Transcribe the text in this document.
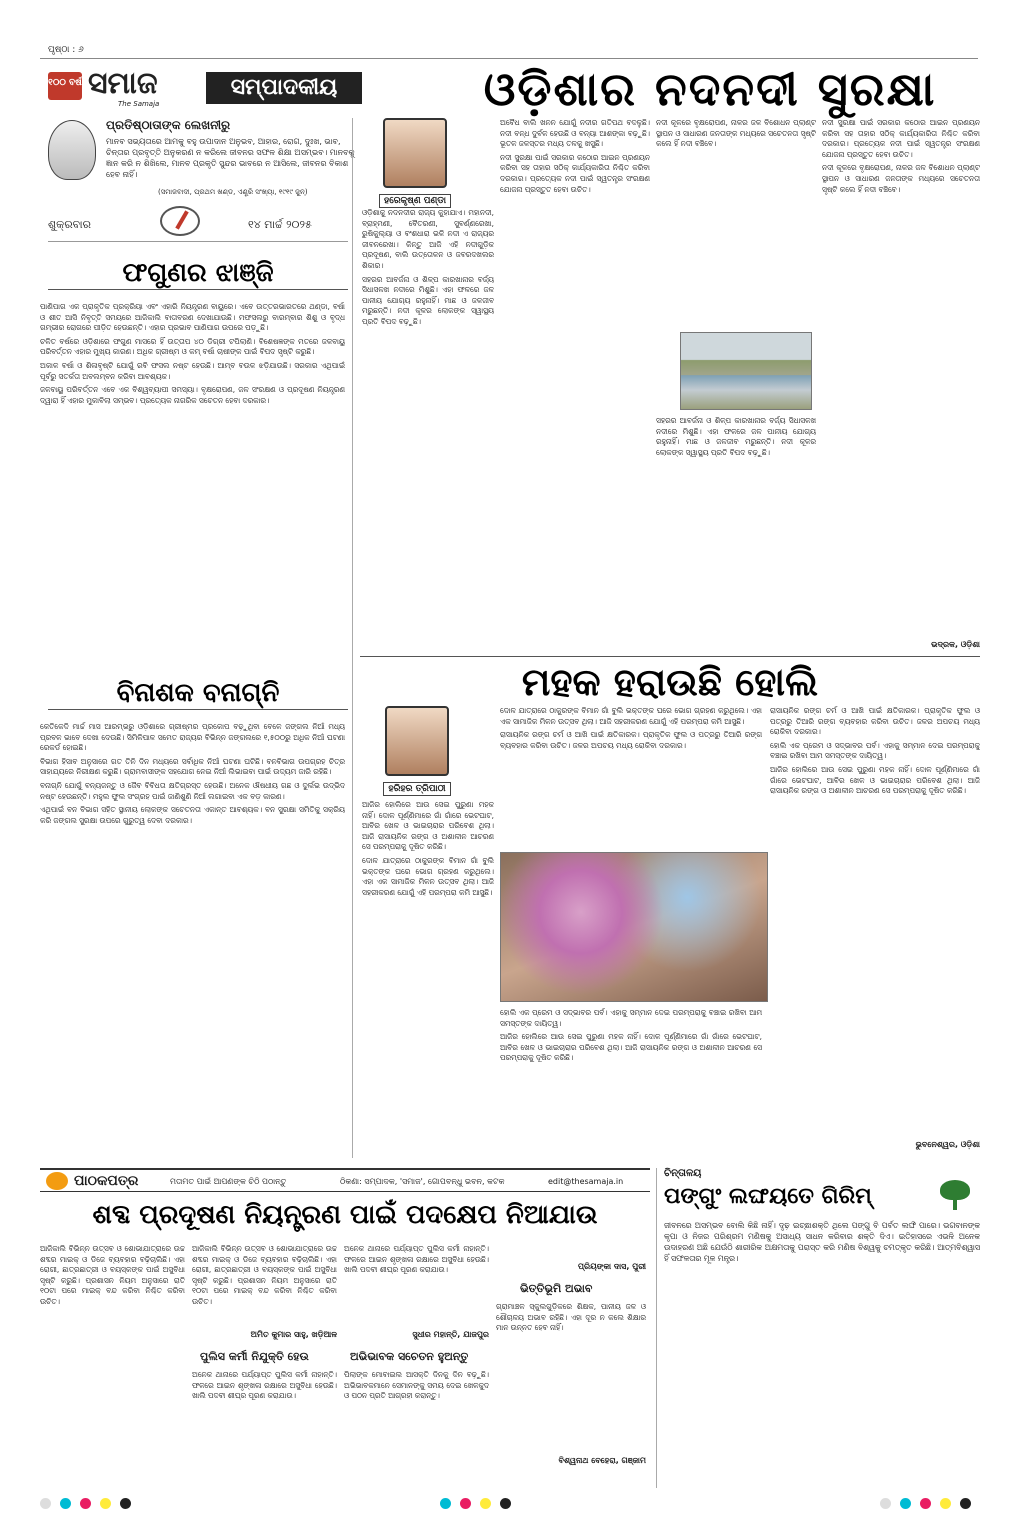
ପୃଷ୍ଠା : ୬
୧୦୦ ବର୍ଷ ସମାଜ
The Samaja
ସମ୍ପାଦକୀୟ	ଓଡ଼ିଶାର ନଦନଦୀ ସୁରକ୍ଷା
ପ୍ରତିଷ୍ଠାତାଙ୍କ ଲେଖନୀରୁ
ମାନବ ସଭ୍ୟତାରେ ଆମକୁ ବହୁ ଉପାଦାନ ଅନୁଭବ, ଆହାର, ରୋଗ, ଦୁଃଖ, ଭାବ, ଚିନ୍ତାର ପ୍ରବୃତ୍ତି ଅନୁକରଣ ନ କରିଲେ ଜୀବନର ସଫଳ ଶିକ୍ଷା ଅସମ୍ଭବ। ମାନବକୁ ଜ୍ଞାନ କରି ନ ଶିଖିଲେ, ମାନବ ପ୍ରକୃତି ସୁନ୍ଦର ଭାବରେ ନ ଆସିଲେ, ଜୀବନର ବିକାଶ ହେବ ନାହିଁ।
(ସମାଜବାଦୀ, ପ୍ରଥମ ଖଣ୍ଡ, ଏଣ୍ଟ୍ରି ସଂଖ୍ୟା, ୧୯୧୯ ଜୁନ୍)
ଶୁକ୍ରବାର	୧୪ ମାର୍ଚ୍ଚ ୨୦୨୫
ଫଗୁଣର ଝାଞ୍ଜି

ପାଣିପାଗ ଏକ ପ୍ରାକୃତିକ ପ୍ରକ୍ରିୟା ଏବଂ ଏହାରି ନିୟନ୍ତ୍ରଣ ବାୟୁରେ। ଏବେ ଉତ୍ତରଭାରତରେ ଥଣ୍ଡା, ବର୍ଷା ଓ ଶୀତ ଆସି ନିବୃତ୍ତି ସମୟରେ ଆଜିକାଲି ବାତାବରଣ ଦେଖାଯାଉଛି। ମଫସଲରୁ ବାରମ୍ବାର ଶିଶୁ ଓ ବୃଦ୍ଧ ଗମ୍ଭୀର ରୋଗରେ ପୀଡ଼ିତ ହେଉଛନ୍ତି। ଏହାର ପ୍ରଭାବ ପାଣିପାଗ ଉପରେ ପଡ଼ୁଛି।

ଚଳିତ ବର୍ଷରେ ଓଡ଼ିଶାରେ ଫଗୁଣ ମାସରେ ହିଁ ଉତ୍ତାପ ୪୦ ଡିଗ୍ରୀ ଟପିଲାଣି। ବିଶେଷଜ୍ଞଙ୍କ ମତରେ ଜଳବାୟୁ ପରିବର୍ତ୍ତନ ଏହାର ମୁଖ୍ୟ କାରଣ। ଅଧିକ ଗ୍ରୀଷ୍ମ ଓ କମ୍ ବର୍ଷା ଚାଷୀଙ୍କ ପାଇଁ ବିପଦ ସୃଷ୍ଟି କରୁଛି।

ଅକାଳ ବର୍ଷା ଓ ଶିଳାବୃଷ୍ଟି ଯୋଗୁଁ ରବି ଫସଲ ନଷ୍ଟ ହେଉଛି। ଆମ୍ବ ବଉଳ ଝଡ଼ିଯାଉଛି। ସରକାର ଏଥିପାଇଁ ପୂର୍ବରୁ ସତର୍କତା ଅବଲମ୍ବନ କରିବା ଆବଶ୍ୟକ।

ଜଳବାୟୁ ପରିବର୍ତ୍ତନ ଏବେ ଏକ ବିଶ୍ୱବ୍ୟାପୀ ସମସ୍ୟା। ବୃକ୍ଷରୋପଣ, ଜଳ ସଂରକ୍ଷଣ ଓ ପ୍ରଦୂଷଣ ନିୟନ୍ତ୍ରଣ ଦ୍ୱାରା ହିଁ ଏହାର ମୁକାବିଲା ସମ୍ଭବ। ପ୍ରତ୍ୟେକ ନାଗରିକ ସଚେତନ ହେବା ଦରକାର।

ବିନାଶକ ବନାଗ୍ନି

କେତିକେଦି ମାର୍ଚ୍ଚ ମାସ ଆରମ୍ଭରୁ ଓଡ଼ିଶାରେ ଗ୍ରୀଷ୍ମର ପ୍ରକୋପ ବଢ଼ୁଥିବା ବେଳେ ଜଙ୍ଗଲ ନିଆଁ ମଧ୍ୟ ପ୍ରବଳ ଭାବେ ଦେଖା ଦେଉଛି। ସିମିଳିପାଳ ସମେତ ରାଜ୍ୟର ବିଭିନ୍ନ ଜଙ୍ଗଲରେ ୧,୫୦୦ରୁ ଅଧିକ ନିଆଁ ଘଟଣା ରେକର୍ଡ ହୋଇଛି।

ବିଭାଗ ହିସାବ ଅନୁସାରେ ଗତ ତିନି ଦିନ ମଧ୍ୟରେ ସର୍ବାଧିକ ନିଆଁ ଘଟଣା ଘଟିଛି। ବନବିଭାଗ ଉପଗ୍ରହ ଚିତ୍ର ସାହାଯ୍ୟରେ ନିରୀକ୍ଷଣ କରୁଛି। ଗ୍ରାମବାସୀଙ୍କ ସହଯୋଗ ନେଇ ନିଆଁ ଲିଭାଇବା ପାଇଁ ଉଦ୍ୟମ ଜାରି ରହିଛି।

ବନାଗ୍ନି ଯୋଗୁଁ ବନ୍ୟଜନ୍ତୁ ଓ ଜୈବ ବିବିଧତା କ୍ଷତିଗ୍ରସ୍ତ ହେଉଛି। ଅନେକ ଔଷଧୀୟ ଗଛ ଓ ଦୁର୍ଲଭ ଉଦ୍ଭିଦ ନଷ୍ଟ ହେଉଛନ୍ତି। ମହୁଲ ଫୁଲ ସଂଗ୍ରହ ପାଇଁ ଜାଣିଶୁଣି ନିଆଁ ଲଗାଇବା ଏକ ବଡ଼ କାରଣ।

ଏଥିପାଇଁ ବନ ବିଭାଗ ସହିତ ସ୍ଥାନୀୟ ଲୋକଙ୍କ ସଚେତନତା ଏକାନ୍ତ ଆବଶ୍ୟକ। ବନ ସୁରକ୍ଷା ସମିତିକୁ ସକ୍ରିୟ କରି ଜଙ୍ଗଲ ସୁରକ୍ଷା ଉପରେ ଗୁରୁତ୍ୱ ଦେବା ଦରକାର।

ହରେକୃଷ୍ଣ ପଣ୍ଡା

ଓଡ଼ିଶାକୁ ନଦନଦୀର ରାଜ୍ୟ କୁହାଯାଏ। ମହାନଦୀ, ବ୍ରାହ୍ମଣୀ, ବୈତରଣୀ, ସୁବର୍ଣ୍ଣରେଖା, ରୁଷିକୁଲ୍ୟା ଓ ବଂଶଧାରା ଭଳି ନଦୀ ଏ ରାଜ୍ୟର ଜୀବନରେଖା। କିନ୍ତୁ ଆଜି ଏହି ନଦୀଗୁଡ଼ିକ ପ୍ରଦୂଷଣ, ବାଲି ଉତ୍ତୋଳନ ଓ ଜବରଦଖଲର ଶିକାର।

ସହରର ଆବର୍ଜନା ଓ ଶିଳ୍ପ କାରଖାନାର ବର୍ଜ୍ୟ ସିଧାସଳଖ ନଦୀରେ ମିଶୁଛି। ଏହା ଫଳରେ ଜଳ ପାନୀୟ ଯୋଗ୍ୟ ରହୁନାହିଁ। ମାଛ ଓ ଜଳଜୀବ ମରୁଛନ୍ତି। ନଦୀ କୂଳର ଲୋକଙ୍କ ସ୍ୱାସ୍ଥ୍ୟ ପ୍ରତି ବିପଦ ବଢ଼ୁଛି।

ଅବୈଧ ବାଲି ଖନନ ଯୋଗୁଁ ନଦୀର ଗତିପଥ ବଦଳୁଛି। ନଦୀ ବନ୍ଧ ଦୁର୍ବଳ ହେଉଛି ଓ ବନ୍ୟା ଆଶଙ୍କା ବଢ଼ୁଛି। ଭୂତଳ ଜଳସ୍ତର ମଧ୍ୟ ତଳକୁ ଖସୁଛି।

ନଦୀ ସୁରକ୍ଷା ପାଇଁ ସରକାର କଠୋର ଆଇନ ପ୍ରଣୟନ କରିବା ସହ ତାହାର ସଠିକ୍ କାର୍ଯ୍ୟକାରିତା ନିଶ୍ଚିତ କରିବା ଦରକାର। ପ୍ରତ୍ୟେକ ନଦୀ ପାଇଁ ସ୍ୱତନ୍ତ୍ର ସଂରକ୍ଷଣ ଯୋଜନା ପ୍ରସ୍ତୁତ ହେବା ଉଚିତ।

ନଦୀ କୂଳରେ ବୃକ୍ଷରୋପଣ, ନାଳର ଜଳ ବିଶୋଧନ ପ୍ଲାଣ୍ଟ ସ୍ଥାପନ ଓ ସାଧାରଣ ଜନତାଙ୍କ ମଧ୍ୟରେ ସଚେତନତା ସୃଷ୍ଟି କଲେ ହିଁ ନଦୀ ବଞ୍ଚିବେ।

ସହରର ଆବର୍ଜନା ଓ ଶିଳ୍ପ କାରଖାନାର ବର୍ଜ୍ୟ ସିଧାସଳଖ ନଦୀରେ ମିଶୁଛି। ଏହା ଫଳରେ ଜଳ ପାନୀୟ ଯୋଗ୍ୟ ରହୁନାହିଁ। ମାଛ ଓ ଜଳଜୀବ ମରୁଛନ୍ତି। ନଦୀ କୂଳର ଲୋକଙ୍କ ସ୍ୱାସ୍ଥ୍ୟ ପ୍ରତି ବିପଦ ବଢ଼ୁଛି।

ନଦୀ ସୁରକ୍ଷା ପାଇଁ ସରକାର କଠୋର ଆଇନ ପ୍ରଣୟନ କରିବା ସହ ତାହାର ସଠିକ୍ କାର୍ଯ୍ୟକାରିତା ନିଶ୍ଚିତ କରିବା ଦରକାର। ପ୍ରତ୍ୟେକ ନଦୀ ପାଇଁ ସ୍ୱତନ୍ତ୍ର ସଂରକ୍ଷଣ ଯୋଜନା ପ୍ରସ୍ତୁତ ହେବା ଉଚିତ।

ନଦୀ କୂଳରେ ବୃକ୍ଷରୋପଣ, ନାଳର ଜଳ ବିଶୋଧନ ପ୍ଲାଣ୍ଟ ସ୍ଥାପନ ଓ ସାଧାରଣ ଜନତାଙ୍କ ମଧ୍ୟରେ ସଚେତନତା ସୃଷ୍ଟି କଲେ ହିଁ ନଦୀ ବଞ୍ଚିବେ।

ଭଦ୍ରକ, ଓଡ଼ିଶା
ମହକ ହରାଉଛି ହୋଲି
ହରିହର ତ୍ରିପାଠୀ

ଆଜିର ହୋଲିରେ ଆଉ ସେଇ ପୁରୁଣା ମହକ ନାହିଁ। ଦୋଳ ପୂର୍ଣ୍ଣିମାରେ ଗାଁ ଗାଁରେ ଭେଟଘାଟ, ଆବିର ଖେଳ ଓ ଭାଇଚାରାର ପରିବେଶ ଥିଲା। ଆଜି ରାସାୟନିକ ରଙ୍ଗ ଓ ଅଶାଳୀନ ଆଚରଣ ସେ ପରମ୍ପରାକୁ ଦୂଷିତ କରିଛି।

ଦୋଳ ଯାତ୍ରାରେ ଠାକୁରଙ୍କ ବିମାନ ଗାଁ ବୁଲି ଭକ୍ତଙ୍କ ଘରେ ଭୋଗ ଗ୍ରହଣ କରୁଥିଲେ। ଏହା ଏକ ସାମାଜିକ ମିଳନ ଉତ୍ସବ ଥିଲା। ଆଜି ସହରୀକରଣ ଯୋଗୁଁ ଏହି ପରମ୍ପରା କମି ଆସୁଛି।

ଦୋଳ ଯାତ୍ରାରେ ଠାକୁରଙ୍କ ବିମାନ ଗାଁ ବୁଲି ଭକ୍ତଙ୍କ ଘରେ ଭୋଗ ଗ୍ରହଣ କରୁଥିଲେ। ଏହା ଏକ ସାମାଜିକ ମିଳନ ଉତ୍ସବ ଥିଲା। ଆଜି ସହରୀକରଣ ଯୋଗୁଁ ଏହି ପରମ୍ପରା କମି ଆସୁଛି।

ରାସାୟନିକ ରଙ୍ଗ ଚର୍ମ ଓ ଆଖି ପାଇଁ କ୍ଷତିକାରକ। ପ୍ରାକୃତିକ ଫୁଲ ଓ ପତ୍ରରୁ ତିଆରି ରଙ୍ଗ ବ୍ୟବହାର କରିବା ଉଚିତ। ଜଳର ଅପଚୟ ମଧ୍ୟ ରୋକିବା ଦରକାର।

ହୋଲି ଏକ ପ୍ରେମ ଓ ସଦ୍ଭାବର ପର୍ବ। ଏହାକୁ ସମ୍ମାନ ଦେଇ ପରମ୍ପରାକୁ ବଞ୍ଚାଇ ରଖିବା ଆମ ସମସ୍ତଙ୍କ ଦାୟିତ୍ୱ।

ଆଜିର ହୋଲିରେ ଆଉ ସେଇ ପୁରୁଣା ମହକ ନାହିଁ। ଦୋଳ ପୂର୍ଣ୍ଣିମାରେ ଗାଁ ଗାଁରେ ଭେଟଘାଟ, ଆବିର ଖେଳ ଓ ଭାଇଚାରାର ପରିବେଶ ଥିଲା। ଆଜି ରାସାୟନିକ ରଙ୍ଗ ଓ ଅଶାଳୀନ ଆଚରଣ ସେ ପରମ୍ପରାକୁ ଦୂଷିତ କରିଛି।

ରାସାୟନିକ ରଙ୍ଗ ଚର୍ମ ଓ ଆଖି ପାଇଁ କ୍ଷତିକାରକ। ପ୍ରାକୃତିକ ଫୁଲ ଓ ପତ୍ରରୁ ତିଆରି ରଙ୍ଗ ବ୍ୟବହାର କରିବା ଉଚିତ। ଜଳର ଅପଚୟ ମଧ୍ୟ ରୋକିବା ଦରକାର।

ହୋଲି ଏକ ପ୍ରେମ ଓ ସଦ୍ଭାବର ପର୍ବ। ଏହାକୁ ସମ୍ମାନ ଦେଇ ପରମ୍ପରାକୁ ବଞ୍ଚାଇ ରଖିବା ଆମ ସମସ୍ତଙ୍କ ଦାୟିତ୍ୱ।

ଆଜିର ହୋଲିରେ ଆଉ ସେଇ ପୁରୁଣା ମହକ ନାହିଁ। ଦୋଳ ପୂର୍ଣ୍ଣିମାରେ ଗାଁ ଗାଁରେ ଭେଟଘାଟ, ଆବିର ଖେଳ ଓ ଭାଇଚାରାର ପରିବେଶ ଥିଲା। ଆଜି ରାସାୟନିକ ରଙ୍ଗ ଓ ଅଶାଳୀନ ଆଚରଣ ସେ ପରମ୍ପରାକୁ ଦୂଷିତ କରିଛି।

ଭୁବନେଶ୍ୱର, ଓଡ଼ିଶା
ପାଠକପତ୍ର	ମତାମତ ପାଇଁ ଆପଣଙ୍କ ଚିଠି ପଠାନ୍ତୁ	ଠିକଣା: ସମ୍ପାଦକ, 'ସମାଜ', ଗୋପବନ୍ଧୁ ଭବନ, କଟକ	edit@thesamaja.in
ଶବ୍ଦ ପ୍ରଦୂଷଣ ନିୟନ୍ତ୍ରଣ ପାଇଁ ପଦକ୍ଷେପ ନିଆଯାଉ
ଆଜିକାଲି ବିଭିନ୍ନ ଉତ୍ସବ ଓ ଶୋଭାଯାତ୍ରାରେ ଉଚ୍ଚ ଶବ୍ଦର ମାଇକ୍ ଓ ଡିଜେ ବ୍ୟବହାର ବଢ଼ିଚାଲିଛି। ଏହା ରୋଗୀ, ଛାତ୍ରଛାତ୍ରୀ ଓ ବୟସ୍କଙ୍କ ପାଇଁ ଅସୁବିଧା ସୃଷ୍ଟି କରୁଛି। ପ୍ରଶାସନ ନିୟମ ଅନୁସାରେ ରାତି ୧୦ଟା ପରେ ମାଇକ୍ ବନ୍ଦ କରିବା ନିଶ୍ଚିତ କରିବା ଉଚିତ।
ଆଜିକାଲି ବିଭିନ୍ନ ଉତ୍ସବ ଓ ଶୋଭାଯାତ୍ରାରେ ଉଚ୍ଚ ଶବ୍ଦର ମାଇକ୍ ଓ ଡିଜେ ବ୍ୟବହାର ବଢ଼ିଚାଲିଛି। ଏହା ରୋଗୀ, ଛାତ୍ରଛାତ୍ରୀ ଓ ବୟସ୍କଙ୍କ ପାଇଁ ଅସୁବିଧା ସୃଷ୍ଟି କରୁଛି। ପ୍ରଶାସନ ନିୟମ ଅନୁସାରେ ରାତି ୧୦ଟା ପରେ ମାଇକ୍ ବନ୍ଦ କରିବା ନିଶ୍ଚିତ କରିବା ଉଚିତ।
ଅମିତ କୁମାର ସାହୁ, ଖଡ଼ିଆଳ
ପୁଲିସ କର୍ମୀ ନିଯୁକ୍ତି ହେଉ
ଅନେକ ଥାନାରେ ପର୍ଯ୍ୟାପ୍ତ ପୁଲିସ କର୍ମୀ ନାହାନ୍ତି। ଫଳରେ ଆଇନ ଶୃଙ୍ଖଳା ରକ୍ଷାରେ ଅସୁବିଧା ହେଉଛି। ଖାଲି ପଦବୀ ଶୀଘ୍ର ପୂରଣ କରାଯାଉ।
ଅନେକ ଥାନାରେ ପର୍ଯ୍ୟାପ୍ତ ପୁଲିସ କର୍ମୀ ନାହାନ୍ତି। ଫଳରେ ଆଇନ ଶୃଙ୍ଖଳା ରକ୍ଷାରେ ଅସୁବିଧା ହେଉଛି। ଖାଲି ପଦବୀ ଶୀଘ୍ର ପୂରଣ କରାଯାଉ।
ସୁଧୀର ମହାନ୍ତି, ଯାଜପୁର
ଅଭିଭାବକ ସଚେତନ ହୁଅନ୍ତୁ
ପିଲାଙ୍କ ମୋବାଇଲ ଆସକ୍ତି ଦିନକୁ ଦିନ ବଢ଼ୁଛି। ଅଭିଭାବକମାନେ ସେମାନଙ୍କୁ ସମୟ ଦେଇ ଖେଳକୁଦ ଓ ପଠନ ପ୍ରତି ଆଗ୍ରହୀ କରାନ୍ତୁ।
ପ୍ରିୟଙ୍କା ଦାସ, ପୁରୀ
ଭିତ୍ତିଭୂମି ଅଭାବ
ଗ୍ରାମାଞ୍ଚଳ ସ୍କୁଲଗୁଡ଼ିକରେ ଶିକ୍ଷକ, ପାନୀୟ ଜଳ ଓ ଶୌଚାଳୟ ଅଭାବ ରହିଛି। ଏହା ଦୂର ନ କଲେ ଶିକ୍ଷାର ମାନ ଉନ୍ନତ ହେବ ନାହିଁ।
ବିଶ୍ୱନାଥ ବେହେରା, ଗଞ୍ଜାମ
ଚିନ୍ତାଳୟ
ପଙ୍ଗୁଂ ଲଙ୍ଘୟତେ ଗିରିମ୍
ଜୀବନରେ ଅସମ୍ଭବ ବୋଲି କିଛି ନାହିଁ। ଦୃଢ଼ ଇଚ୍ଛାଶକ୍ତି ଥିଲେ ପଙ୍ଗୁ ବି ପର୍ବତ ଲଙ୍ଘି ପାରେ। ଭଗବାନଙ୍କ କୃପା ଓ ନିଜର ପରିଶ୍ରମ ମଣିଷକୁ ଅସାଧ୍ୟ ସାଧନ କରିବାର ଶକ୍ତି ଦିଏ। ଇତିହାସରେ ଏଭଳି ଅନେକ ଉଦାହରଣ ଅଛି ଯେଉଁଠି ଶାରୀରିକ ଅକ୍ଷମତାକୁ ପରାସ୍ତ କରି ମଣିଷ ବିଶ୍ୱକୁ ଚମତ୍କୃତ କରିଛି। ଆତ୍ମବିଶ୍ୱାସ ହିଁ ସଫଳତାର ମୂଳ ମନ୍ତ୍ର।
